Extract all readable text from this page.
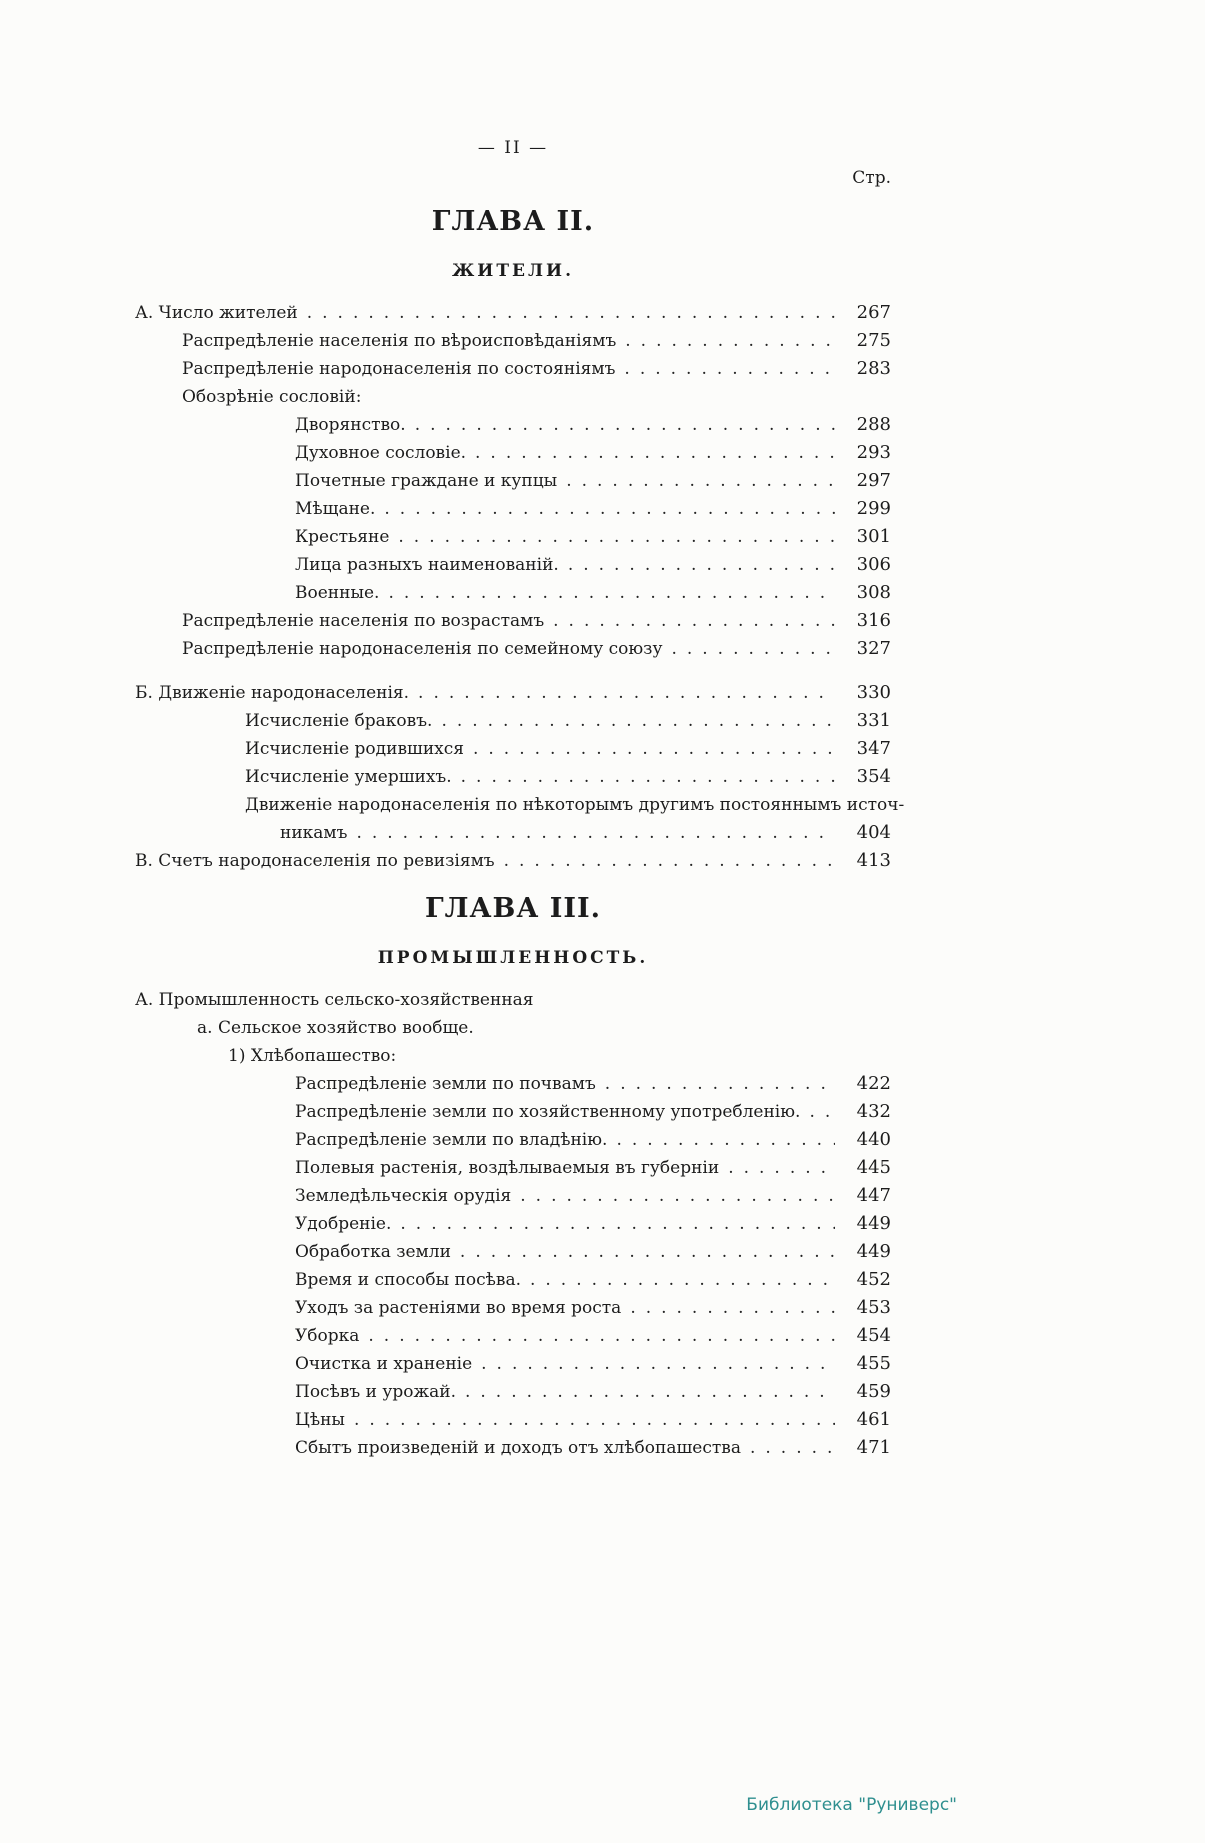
— II —
Стр.
ГЛАВА II.
ЖИТЕЛИ.
А. Число жителей .....	267
Распредѣленіе населенія по вѣроисповѣданіямъ .....	275
Распредѣленіе народонаселенія по состояніямъ .....	283
Обозрѣніе сословій:
Дворянство. .....	288
Духовное сословіе. .....	293
Почетные граждане и купцы .....	297
Мѣщане. .....	299
Крестьяне .....	301
Лица разныхъ наименованій. .....	306
Военные. .....	308
Распредѣленіе населенія по возрастамъ .....	316
Распредѣленіе народонаселенія по семейному союзу .....	327
Б. Движеніе народонаселенія. .....	330
Исчисленіе браковъ. .....	331
Исчисленіе родившихся .....	347
Исчисленіе умершихъ. .....	354
Движеніе народонаселенія по нѣкоторымъ другимъ постояннымъ источ-
никамъ .....	404
В. Счетъ народонаселенія по ревизіямъ .....	413
ГЛАВА III.
ПРОМЫШЛЕННОСТЬ.
А. Промышленность сельско-хозяйственная
а. Сельское хозяйство вообще.
1) Хлѣбопашество:
Распредѣленіе земли по почвамъ .....	422
Распредѣленіе земли по хозяйственному употребленію. .....	432
Распредѣленіе земли по владѣнію. .....	440
Полевыя растенія, воздѣлываемыя въ губерніи .....	445
Земледѣльческія орудія .....	447
Удобреніе. .....	449
Обработка земли .....	449
Время и способы посѣва. .....	452
Уходъ за растеніями во время роста .....	453
Уборка .....	454
Очистка и храненіе .....	455
Посѣвъ и урожай. .....	459
Цѣны .....	461
Сбытъ произведеній и доходъ отъ хлѣбопашества .....	471
Библиотека "Руниверс"
